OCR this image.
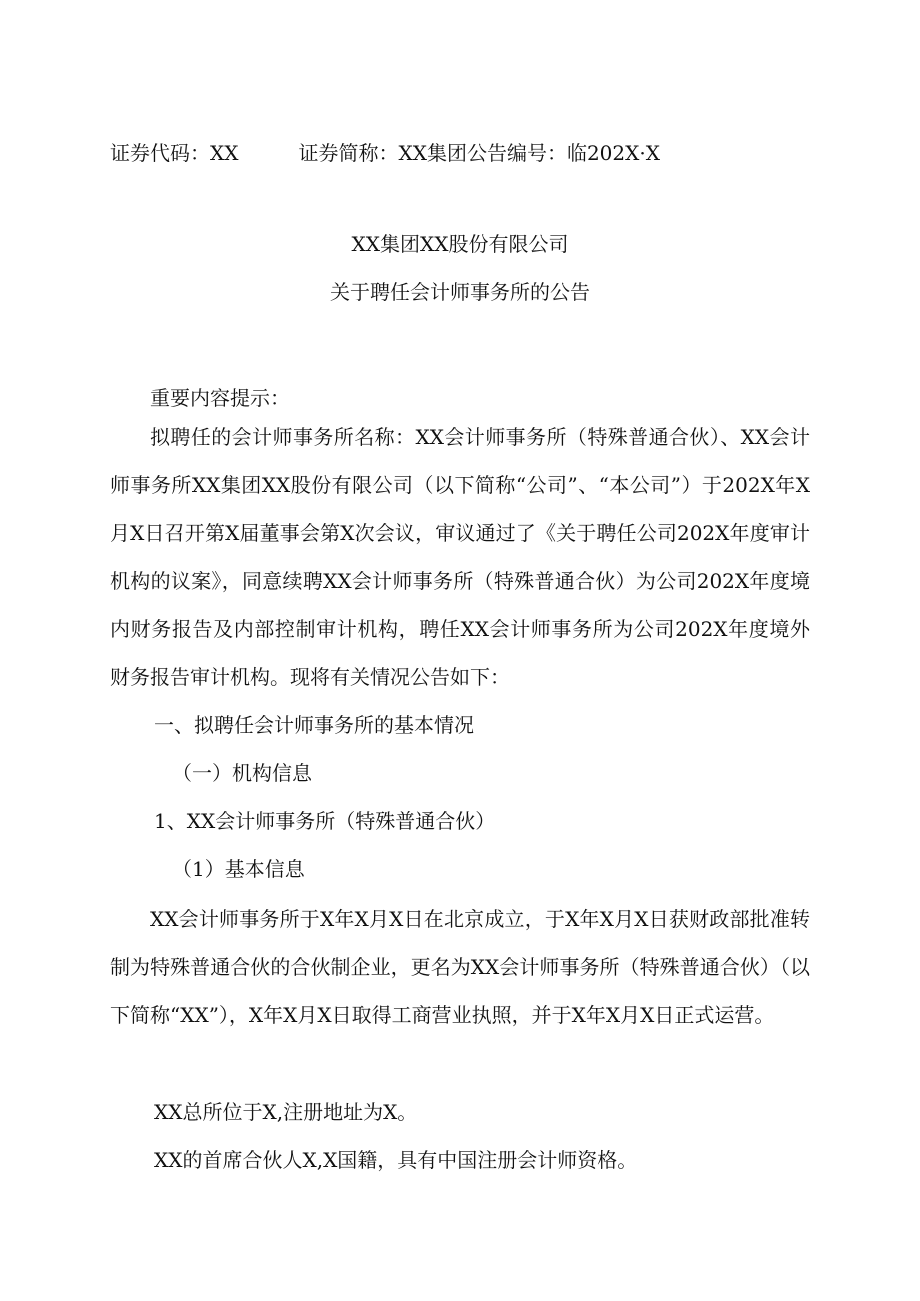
证券代码：XX	证券简称：XX集团公告编号：临202X·X
XX集团XX股份有限公司
关于聘任会计师事务所的公告

重要内容提示：

拟聘任的会计师事务所名称：XX会计师事务所（特殊普通合伙）、XX会计师事务所XX集团XX股份有限公司（以下简称“公司”、“本公司”）于202X年X月X日召开第X届董事会第X次会议，审议通过了《关于聘任公司202X年度审计机构的议案》，同意续聘XX会计师事务所（特殊普通合伙）为公司202X年度境内财务报告及内部控制审计机构，聘任XX会计师事务所为公司202X年度境外财务报告审计机构。现将有关情况公告如下：

一、拟聘任会计师事务所的基本情况
（一）机构信息
1、XX会计师事务所（特殊普通合伙）
（1）基本信息

XX会计师事务所于X年X月X日在北京成立，于X年X月X日获财政部批准转制为特殊普通合伙的合伙制企业，更名为XX会计师事务所（特殊普通合伙）（以下简称“XX”），X年X月X日取得工商营业执照，并于X年X月X日正式运营。

XX总所位于X,注册地址为X。
XX的首席合伙人X,X国籍，具有中国注册会计师资格。
